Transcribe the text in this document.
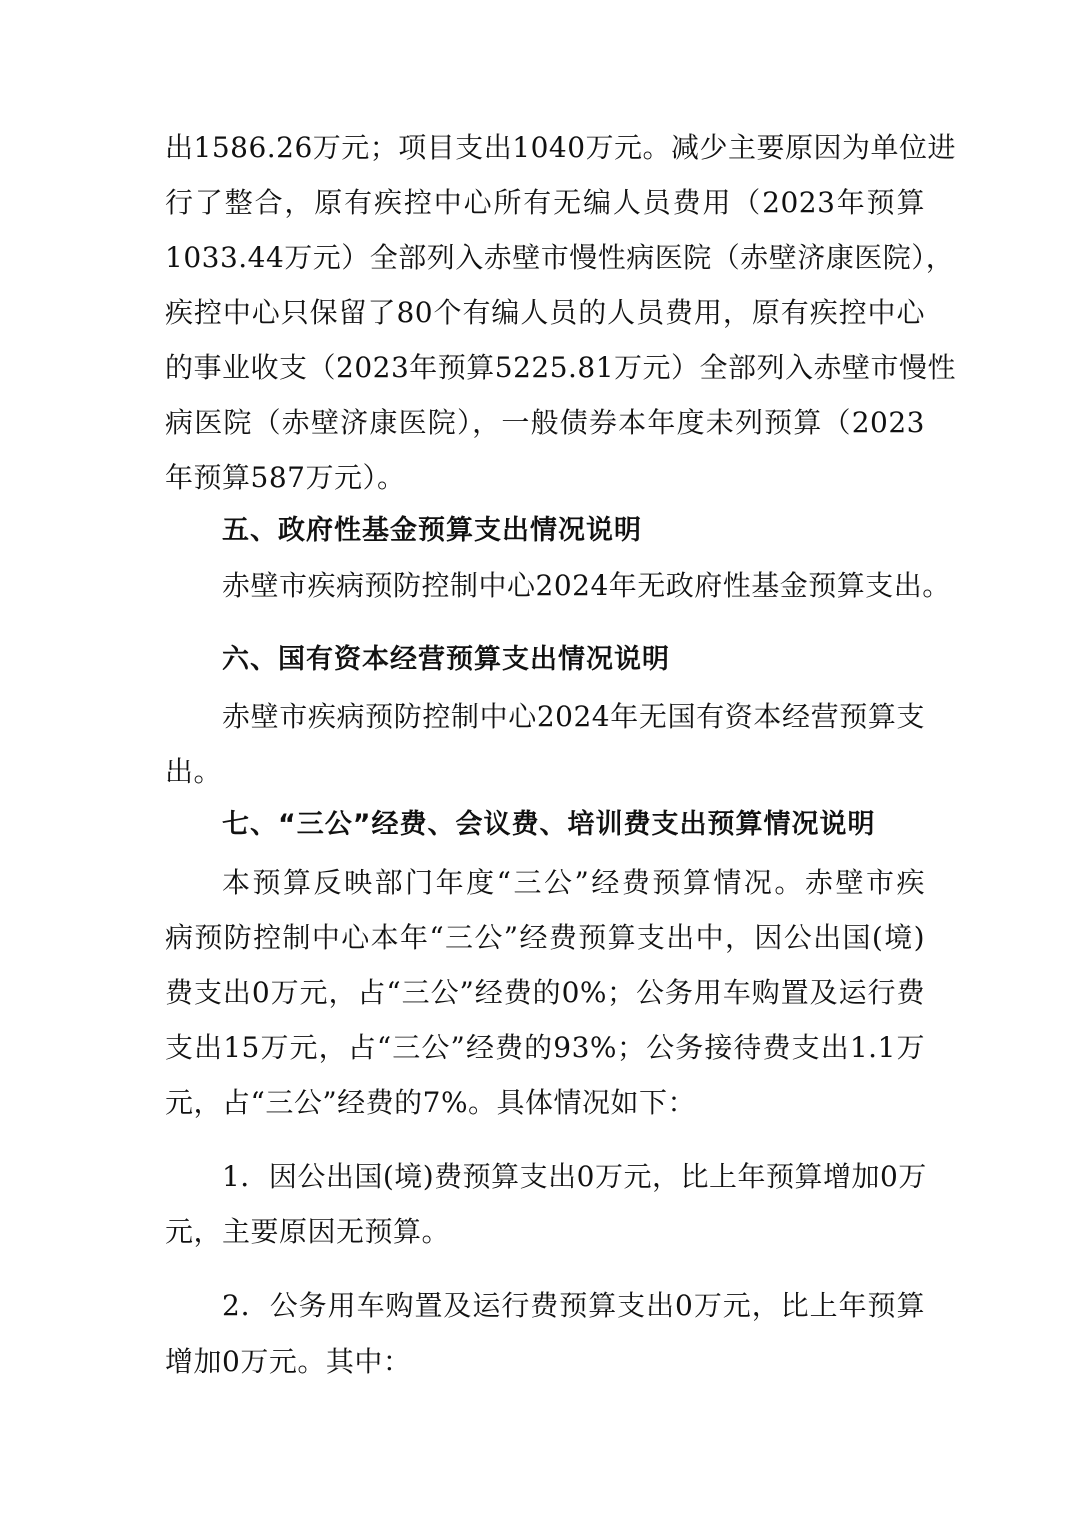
出1586.26万元；项目支出1040万元。减少主要原因为单位进
行了整合，原有疾控中心所有无编人员费用（2023年预算
1033.44万元）全部列入赤壁市慢性病医院（赤壁济康医院），
疾控中心只保留了80个有编人员的人员费用，原有疾控中心
的事业收支（2023年预算5225.81万元）全部列入赤壁市慢性
病医院（赤壁济康医院），一般债券本年度未列预算（2023
年预算587万元）。
五、政府性基金预算支出情况说明
赤壁市疾病预防控制中心2024年无政府性基金预算支出。
六、国有资本经营预算支出情况说明
赤壁市疾病预防控制中心2024年无国有资本经营预算支
出。
七、“三公”经费、会议费、培训费支出预算情况说明
本预算反映部门年度“三公”经费预算情况。赤壁市疾
病预防控制中心本年“三公”经费预算支出中，因公出国(境)
费支出0万元，占“三公”经费的0%；公务用车购置及运行费
支出15万元，占“三公”经费的93%；公务接待费支出1.1万
元，占“三公”经费的7%。具体情况如下：
1．因公出国(境)费预算支出0万元，比上年预算增加0万
元，主要原因无预算。
2．公务用车购置及运行费预算支出0万元，比上年预算
增加0万元。其中：
